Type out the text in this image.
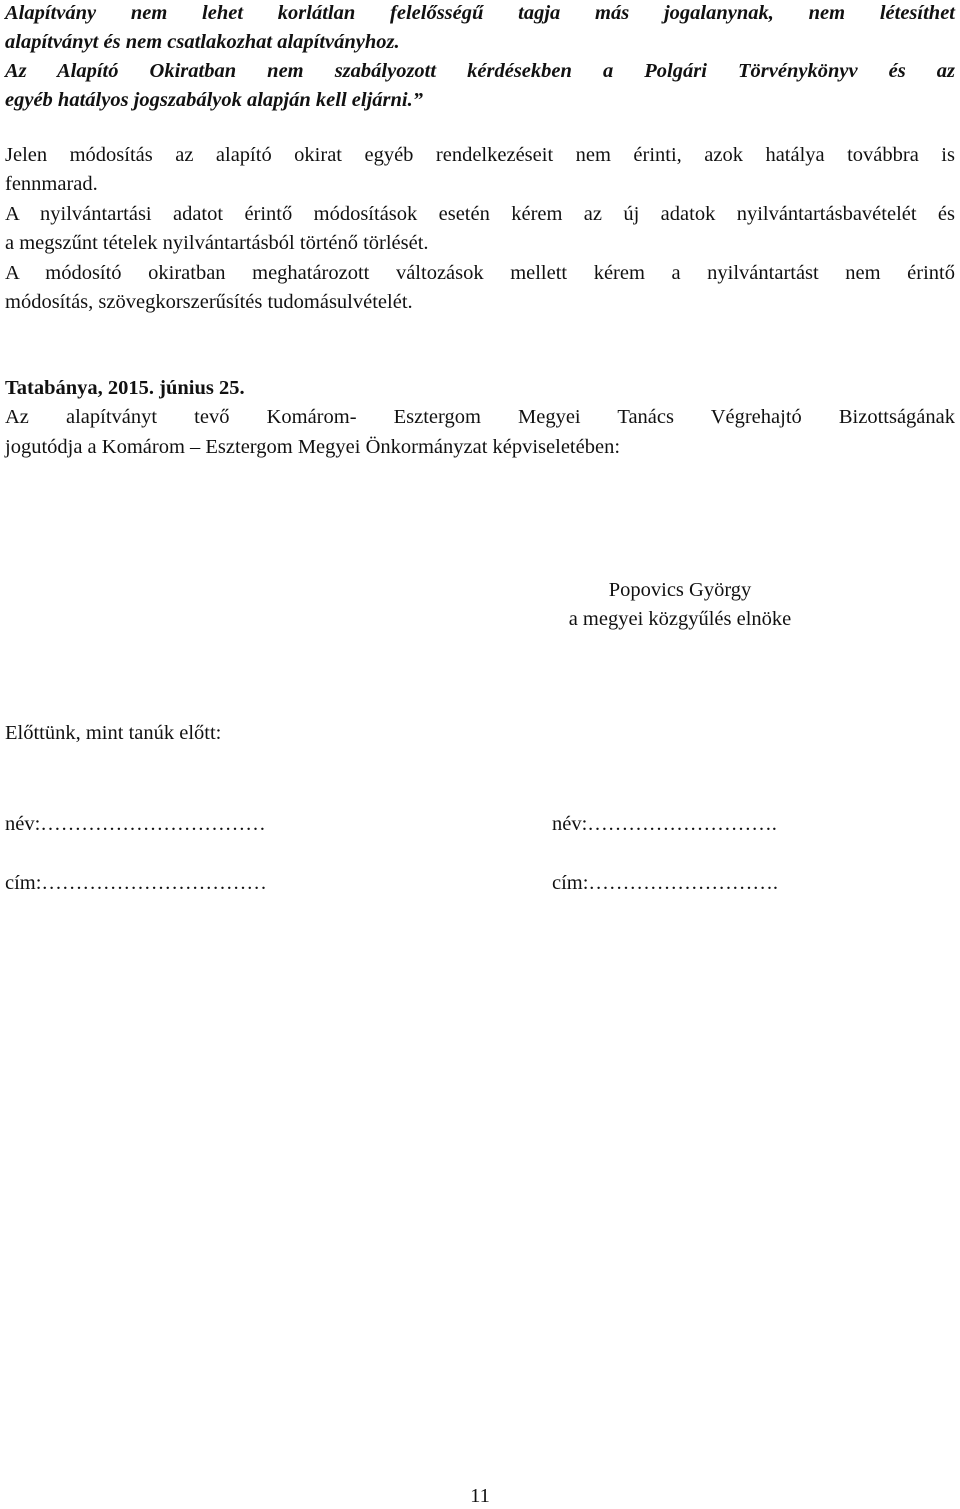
Alapítvány nem lehet korlátlan felelősségű tagja más jogalanynak, nem létesíthet
alapítványt és nem csatlakozhat alapítványhoz.
Az Alapító Okiratban nem szabályozott kérdésekben a Polgári Törvénykönyv és az
egyéb hatályos jogszabályok alapján kell eljárni.”
Jelen módosítás az alapító okirat egyéb rendelkezéseit nem érinti, azok hatálya továbbra is
fennmarad.
A nyilvántartási adatot érintő módosítások esetén kérem az új adatok nyilvántartásbavételét és
a megszűnt tételek nyilvántartásból történő törlését.
A módosító okiratban meghatározott változások mellett kérem a nyilvántartást nem érintő
módosítás, szövegkorszerűsítés tudomásulvételét.
Tatabánya, 2015. június 25.
Az alapítványt tevő Komárom- Esztergom Megyei Tanács Végrehajtó Bizottságának
jogutódja a Komárom – Esztergom Megyei Önkormányzat képviseletében:
Popovics György
a megyei közgyűlés elnöke
Előttünk, mint tanúk előtt:
név:……………………………
cím:……………………………
név:……………………….
cím:……………………….
11
